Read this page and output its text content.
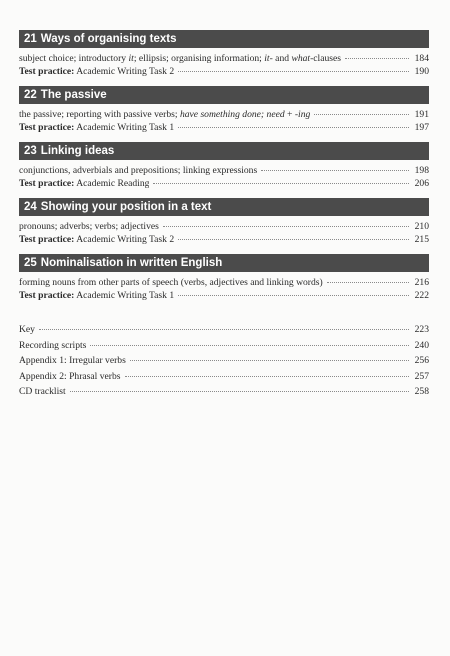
21 Ways of organising texts
subject choice; introductory it; ellipsis; organising information; it- and what-clauses	184
Test practice: Academic Writing Task 2	190
22 The passive
the passive; reporting with passive verbs; have something done; need + -ing	191
Test practice: Academic Writing Task 1	197
23 Linking ideas
conjunctions, adverbials and prepositions; linking expressions	198
Test practice: Academic Reading	206
24 Showing your position in a text
pronouns; adverbs; verbs; adjectives	210
Test practice: Academic Writing Task 2	215
25 Nominalisation in written English
forming nouns from other parts of speech (verbs, adjectives and linking words)	216
Test practice: Academic Writing Task 1	222
Key	223
Recording scripts	240
Appendix 1: Irregular verbs	256
Appendix 2: Phrasal verbs	257
CD tracklist	258
